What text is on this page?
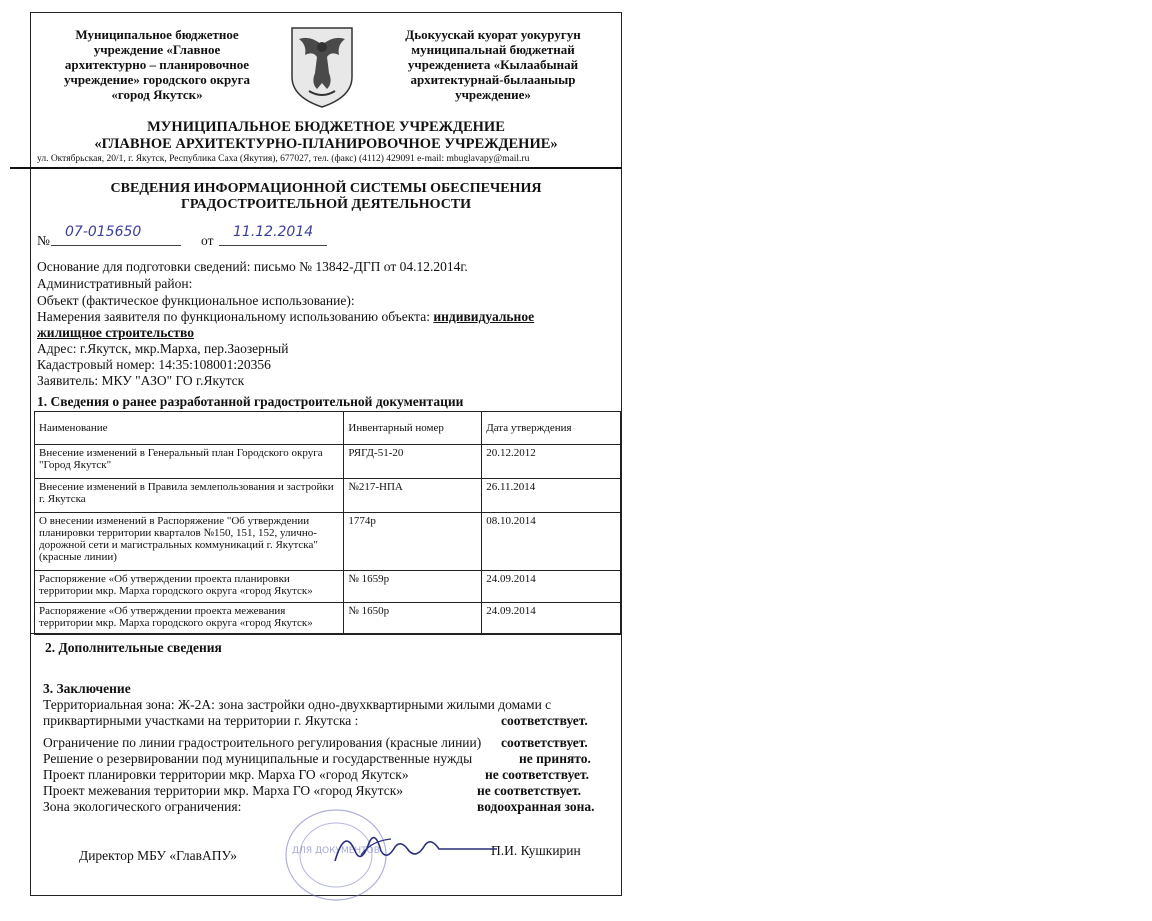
Муниципальное бюджетное
учреждение «Главное
архитектурно – планировочное
учреждение» городского округа
«город Якутск»
Дьокуускай куорат уокуругун
муниципальнай бюджетнай
учреждениета «Кылаабынай
архитектурнай-былааныыр
учреждение»
МУНИЦИПАЛЬНОЕ БЮДЖЕТНОЕ УЧРЕЖДЕНИЕ
«ГЛАВНОЕ АРХИТЕКТУРНО-ПЛАНИРОВОЧНОЕ УЧРЕЖДЕНИЕ»
ул. Октябрьская, 20/1, г. Якутск, Республика Саха (Якутия), 677027, тел. (факс) (4112) 429091 e-mail: mbuglavapy@mail.ru
СВЕДЕНИЯ ИНФОРМАЦИОННОЙ СИСТЕМЫ ОБЕСПЕЧЕНИЯ
ГРАДОСТРОИТЕЛЬНОЙ ДЕЯТЕЛЬНОСТИ
№
07-015650
от
11.12.2014
Основание для подготовки сведений: письмо № 13842-ДГП от 04.12.2014г.
Административный район:
Объект (фактическое функциональное использование):
Намерения заявителя по функциональному использованию объекта: индивидуальное
жилищное строительство
Адрес: г.Якутск, мкр.Марха, пер.Заозерный
Кадастровый номер: 14:35:108001:20356
Заявитель: МКУ "АЗО" ГО г.Якутск
1. Сведения о ранее разработанной градостроительной документации
Наименование	Инвентарный номер	Дата утверждения
Внесение изменений в Генеральный план Городского округа "Город Якутск"	РЯГД-51-20	20.12.2012
Внесение изменений в Правила землепользования и застройки г. Якутска	№217-НПА	26.11.2014
О внесении изменений в Распоряжение "Об утверждении планировки территории кварталов №150, 151, 152, улично-дорожной сети и магистральных коммуникаций г. Якутска" (красные линии)	1774р	08.10.2014
Распоряжение «Об утверждении проекта планировки территории мкр. Марха городского округа «город Якутск»	№ 1659р	24.09.2014
Распоряжение «Об утверждении проекта межевания территории мкр. Марха городского округа «город Якутск»	№ 1650р	24.09.2014
2. Дополнительные сведения
3. Заключение
Территориальная зона: Ж-2А: зона застройки одно-двухквартирными жилыми домами с
приквартирными участками на территории г. Якутска :	соответствует.
Ограничение по линии градостроительного регулирования (красные линии) соответствует.
Решение о резервировании под муниципальные и государственные нужды	не принято.
Проект планировки территории мкр. Марха ГО «город Якутск»	не соответствует.
Проект межевания территории мкр. Марха ГО «город Якутск»	не соответствует.
Зона экологического ограничения:	водоохранная зона.
Директор МБУ «ГлавАПУ»	П.И. Кушкирин
ДЛЯ ДОКУМЕНТОВ
